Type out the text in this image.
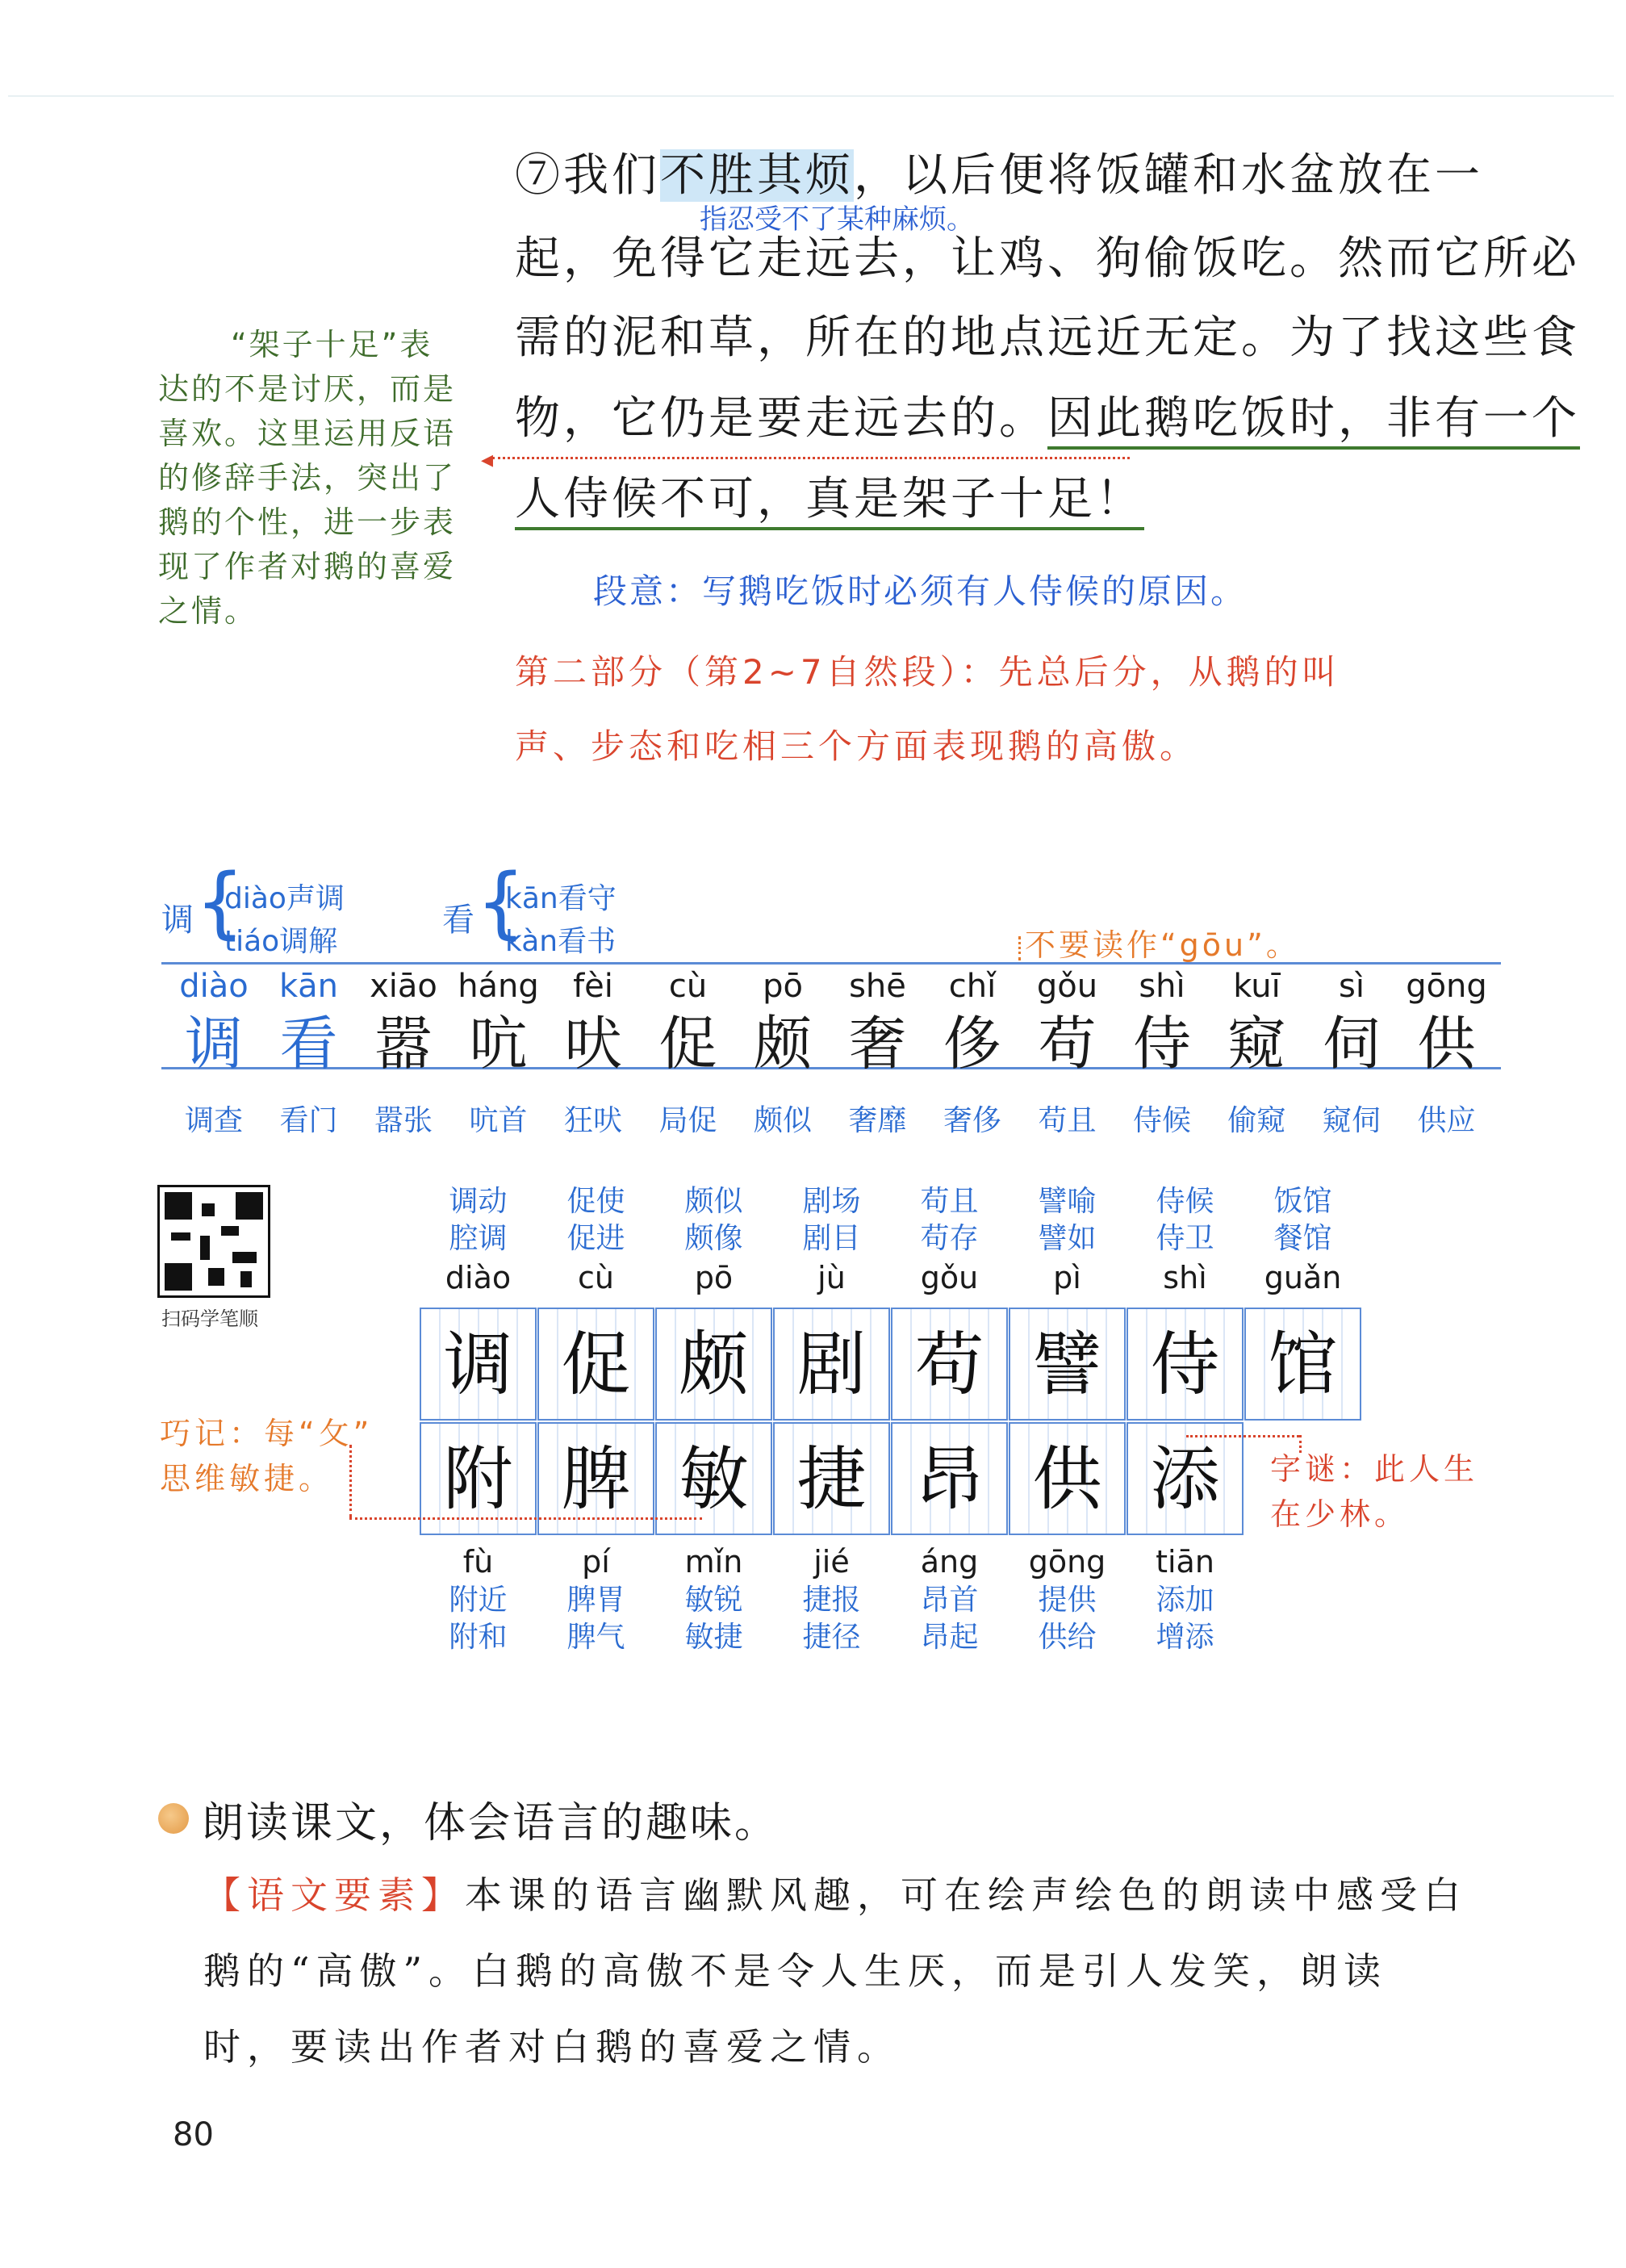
⑦我们不胜其烦，以后便将饭罐和水盆放在一
指忍受不了某种麻烦。
起，免得它走远去，让鸡、狗偷饭吃。然而它所必
需的泥和草，所在的地点远近无定。为了找这些食
物，它仍是要走远去的。因此鹅吃饭时，非有一个
人侍候不可，真是架子十足！

“架子十足”表

达的不是讨厌，而是

喜欢。这里运用反语

的修辞手法，突出了

鹅的个性，进一步表

现了作者对鹅的喜爱

之情。

◂
段意：写鹅吃饭时必须有人侍候的原因。
第二部分（第2~7自然段）：先总后分，从鹅的叫
声、步态和吃相三个方面表现鹅的高傲。
调 {
diào声调
tiáo调解
看 {
kān看守
kàn看书	不要读作“gōu”。
diào
调
调查
kān
看
看门
xiāo
嚣
嚣张
háng
吭
吭首
fèi
吠
狂吠
cù
促
局促
pō
颇
颇似
shē
奢
奢靡
chǐ
侈
奢侈
gǒu
苟
苟且
shì
侍
侍候
kuī
窥
偷窥
sì
伺
窥伺
gōng
供
供应
扫码学笔顺
调动
腔调
diào
调
促使
促进
cù
促
颇似
颇像
pō
颇
剧场
剧目
jù
剧
苟且
苟存
gǒu
苟
譬喻
譬如
pì
譬
侍候
侍卫
shì
侍
饭馆
餐馆
guǎn
馆
附
fù
附近
附和
脾
pí
脾胃
脾气
敏
mǐn
敏锐
敏捷
捷
jié
捷报
捷径
昂
áng
昂首
昂起
供
gōng
提供
供给
添
tiān
添加
增添
巧记：每“攵”
思维敏捷。	字谜：此人生
在少林。
朗读课文，体会语言的趣味。
【语文要素】本课的语言幽默风趣，可在绘声绘色的朗读中感受白
鹅的“高傲”。白鹅的高傲不是令人生厌，而是引人发笑，朗读
时，要读出作者对白鹅的喜爱之情。
80
